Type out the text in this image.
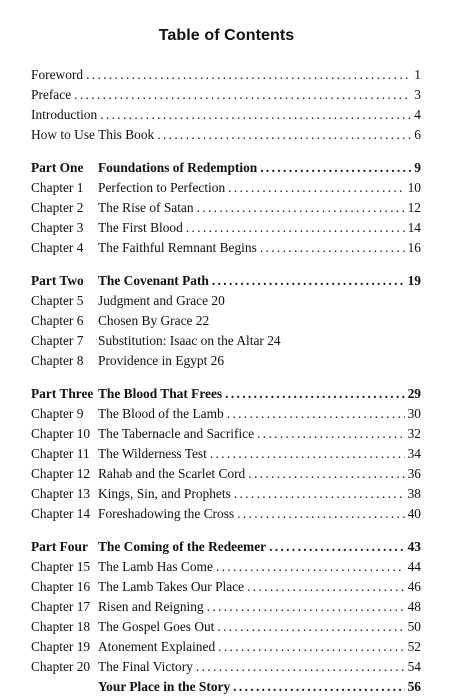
Table of Contents
Foreword . . .	1
Preface . . .	3
Introduction . . .	4
How to Use This Book . . .	6
Part One	Foundations of Redemption . . .	9
Chapter 1	Perfection to Perfection . . .	10
Chapter 2	The Rise of Satan . . .	12
Chapter 3	The First Blood . . .	14
Chapter 4	The Faithful Remnant Begins . . .	16
Part Two	The Covenant Path . . .	19
Chapter 5	Judgment and Grace 20
Chapter 6	Chosen By Grace 22
Chapter 7	Substitution: Isaac on the Altar 24
Chapter 8	Providence in Egypt 26
Part Three The Blood That Frees . . .	29
Chapter 9	The Blood of the Lamb . . .	30
Chapter 10 The Tabernacle and Sacrifice . . .	32
Chapter 11 The Wilderness Test . . .	34
Chapter 12 Rahab and the Scarlet Cord . . .	36
Chapter 13 Kings, Sin, and Prophets . . .	38
Chapter 14 Foreshadowing the Cross . . .	40
Part Four The Coming of the Redeemer . . .	43
Chapter 15 The Lamb Has Come . . .	44
Chapter 16 The Lamb Takes Our Place . . .	46
Chapter 17 Risen and Reigning . . .	48
Chapter 18 The Gospel Goes Out . . .	50
Chapter 19 Atonement Explained . . .	52
Chapter 20 The Final Victory . . .	54
Your Place in the Story . . .	56
